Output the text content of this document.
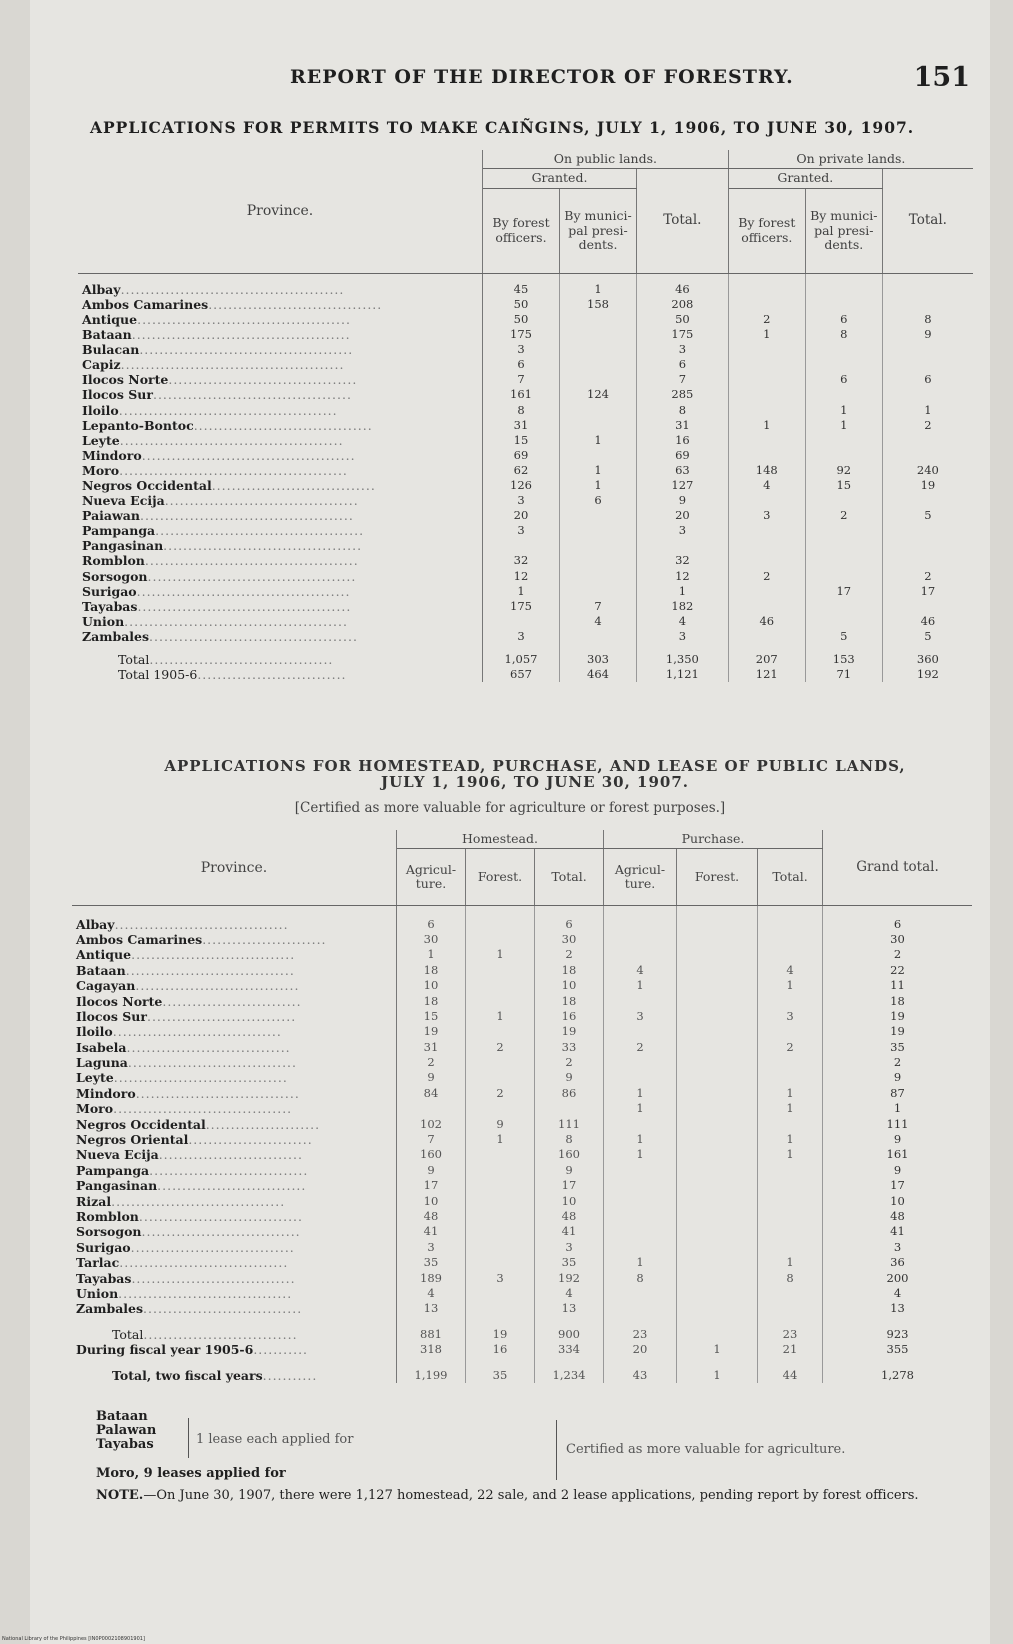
REPORT OF THE DIRECTOR OF FORESTRY.	151
APPLICATIONS FOR PERMITS TO MAKE CAIÑGINS, JULY 1, 1906, TO JUNE 30, 1907.
Province.	On public lands.			On private lands.		
	Granted.		Total.	Granted.		Total.
	By forest officers.	By munici-pal presi-dents.		By forest officers.	By munici-pal presi-dents.	

Albay.............................................	45	1	46			
Ambos Camarines...................................	50	158	208			
Antique...........................................	50		50	2	6	8
Bataan............................................	175		175	1	8	9
Bulacan...........................................	3		3			
Capiz.............................................	6		6			
Ilocos Norte......................................	7		7		6	6
Ilocos Sur........................................	161	124	285			
Iloilo............................................	8		8		1	1
Lepanto-Bontoc....................................	31		31	1	1	2
Leyte.............................................	15	1	16			
Mindoro...........................................	69		69			
Moro..............................................	62	1	63	148	92	240
Negros Occidental.................................	126	1	127	4	15	19
Nueva Ecija.......................................	3	6	9			
Paiawan...........................................	20		20	3	2	5
Pampanga..........................................	3		3			
Pangasinan........................................						
Romblon...........................................	32		32			
Sorsogon..........................................	12		12	2		2
Surigao...........................................	1		1		17	17
Tayabas...........................................	175	7	182			
Union.............................................		4	4	46		46
Zambales..........................................	3		3		5	5

Total.....................................	1,057	303	1,350	207	153	360
Total 1905-6..............................	657	464	1,121	121	71	192
APPLICATIONS FOR HOMESTEAD, PURCHASE, AND LEASE OF PUBLIC LANDS,
JULY 1, 1906, TO JUNE 30, 1907.
[Certified as more valuable for agriculture or forest purposes.]
Province.	Homestead.			Purchase.			Grand total.
	Agricul-ture.	Forest.	Total.	Agricul-ture.	Forest.	Total.	

Albay...................................	6		6				6
Ambos Camarines.........................	30		30				30
Antique.................................	1	1	2				2
Bataan..................................	18		18	4		4	22
Cagayan.................................	10		10	1		1	11
Ilocos Norte............................	18		18				18
Ilocos Sur..............................	15	1	16	3		3	19
Iloilo..................................	19		19				19
Isabela.................................	31	2	33	2		2	35
Laguna..................................	2		2				2
Leyte...................................	9		9				9
Mindoro.................................	84	2	86	1		1	87
Moro....................................				1		1	1
Negros Occidental.......................	102	9	111				111
Negros Oriental.........................	7	1	8	1		1	9
Nueva Ecija.............................	160		160	1		1	161
Pampanga................................	9		9				9
Pangasinan..............................	17		17				17
Rizal...................................	10		10				10
Romblon.................................	48		48				48
Sorsogon................................	41		41				41
Surigao.................................	3		3				3
Tarlac..................................	35		35	1		1	36
Tayabas.................................	189	3	192	8		8	200
Union...................................	4		4				4
Zambales................................	13		13				13

Total...............................	881	19	900	23		23	923
During fiscal year 1905-6...........	318	16	334	20	1	21	355

Total, two fiscal years...........	1,199	35	1,234	43	1	44	1,278
Bataan
Palawan
Tayabas	1 lease each applied for
Moro, 9 leases applied for
Certified as more valuable for agriculture.
NOTE.—On June 30, 1907, there were 1,127 homestead, 22 sale, and 2 lease applications, pending report by forest officers.
National Library of the Philippines [IN0P0002108901901]
